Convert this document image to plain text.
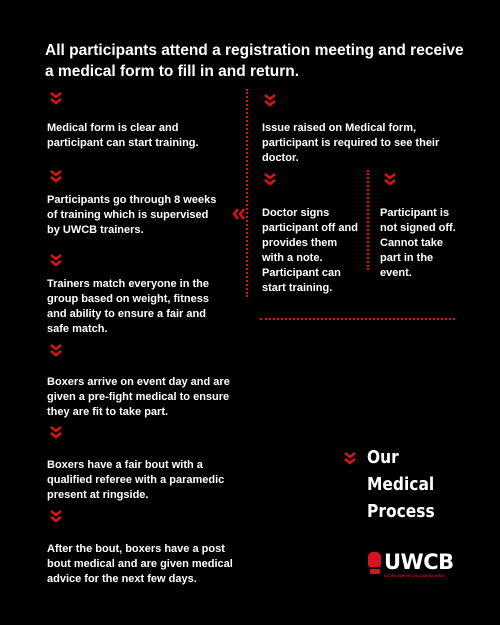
All participants attend a registration meeting and receive a medical form to fill in and return.
Medical form is clear and participant can start training.
Participants go through 8 weeks of training which is supervised by UWCB trainers.
Trainers match everyone in the group based on weight, fitness and ability to ensure a fair and safe match.
Boxers arrive on event day and are given a pre-fight medical to ensure they are fit to take part.
Boxers have a fair bout with a qualified referee with a paramedic present at ringside.
After the bout, boxers have a post bout medical and are given medical advice for the next few days.
Issue raised on Medical form, participant is required to see their doctor.
Doctor signs participant off and provides them with a note. Participant can start training.
Participant is not signed off. Cannot take part in the event.
Our
Medical
Process
UWCB
ULTRA WHITE COLLAR BOXING
